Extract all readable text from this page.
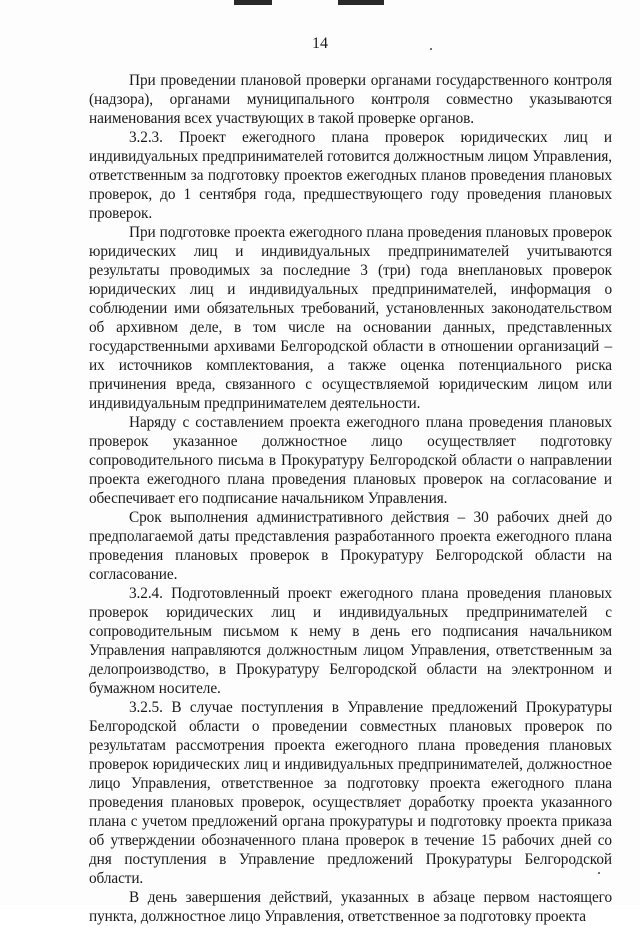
14

При проведении плановой проверки органами государственного контроля (надзора), органами муниципального контроля совместно указываются наименования всех участвующих в такой проверке органов.

3.2.3. Проект ежегодного плана проверок юридических лиц и индивидуальных предпринимателей готовится должностным лицом Управления, ответственным за подготовку проектов ежегодных планов проведения плановых проверок, до 1 сентября года, предшествующего году проведения плановых проверок.

При подготовке проекта ежегодного плана проведения плановых проверок юридических лиц и индивидуальных предпринимателей учитываются результаты проводимых за последние 3 (три) года внеплановых проверок юридических лиц и индивидуальных предпринимателей, информация о соблюдении ими обязательных требований, установленных законодательством об архивном деле, в том числе на основании данных, представленных государственными архивами Белгородской области в отношении организаций – их источников комплектования, а также оценка потенциального риска причинения вреда, связанного с осуществляемой юридическим лицом или индивидуальным предпринимателем деятельности.

Наряду с составлением проекта ежегодного плана проведения плановых проверок указанное должностное лицо осуществляет подготовку сопроводительного письма в Прокуратуру Белгородской области о направлении проекта ежегодного плана проведения плановых проверок на согласование и обеспечивает его подписание начальником Управления.

Срок выполнения административного действия – 30 рабочих дней до предполагаемой даты представления разработанного проекта ежегодного плана проведения плановых проверок в Прокуратуру Белгородской области на согласование.

3.2.4. Подготовленный проект ежегодного плана проведения плановых проверок юридических лиц и индивидуальных предпринимателей с сопроводительным письмом к нему в день его подписания начальником Управления направляются должностным лицом Управления, ответственным за делопроизводство, в Прокуратуру Белгородской области на электронном и бумажном носителе.

3.2.5. В случае поступления в Управление предложений Прокуратуры Белгородской области о проведении совместных плановых проверок по результатам рассмотрения проекта ежегодного плана проведения плановых проверок юридических лиц и индивидуальных предпринимателей, должностное лицо Управления, ответственное за подготовку проекта ежегодного плана проведения плановых проверок, осуществляет доработку проекта указанного плана с учетом предложений органа прокуратуры и подготовку проекта приказа об утверждении обозначенного плана проверок в течение 15 рабочих дней со дня поступления в Управление предложений Прокуратуры Белгородской области.

В день завершения действий, указанных в абзаце первом настоящего пункта, должностное лицо Управления, ответственное за подготовку проекта
